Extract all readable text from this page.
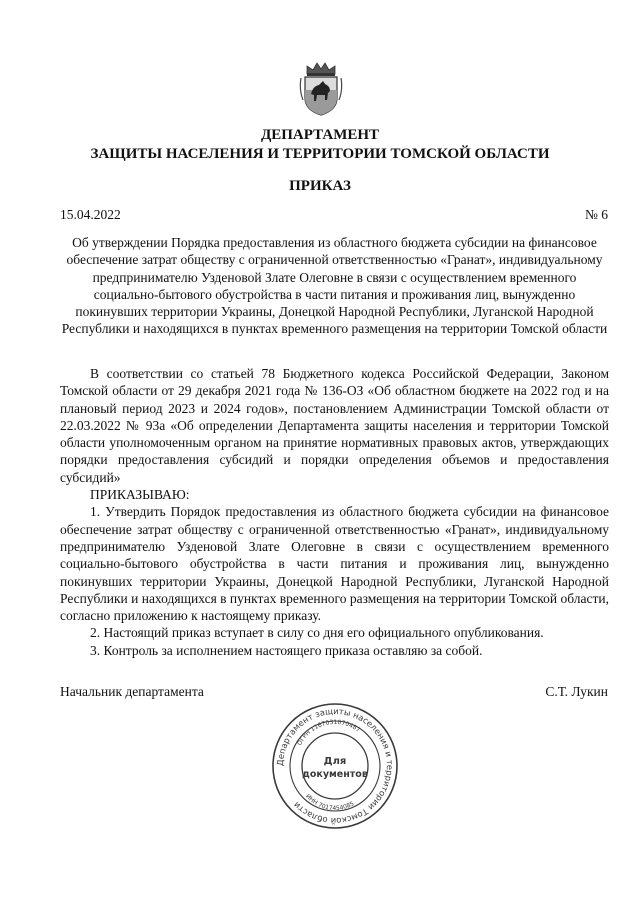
ДЕПАРТАМЕНТ
ЗАЩИТЫ НАСЕЛЕНИЯ И ТЕРРИТОРИИ ТОМСКОЙ ОБЛАСТИ
ПРИКАЗ
15.04.2022	№ 6
Об утверждении Порядка предоставления из областного бюджета субсидии на финансовое обеспечение затрат обществу с ограниченной ответственностью «Гранат», индивидуальному предпринимателю Узденовой Злате Олеговне в связи с осуществлением временного социально-бытового обустройства в части питания и проживания лиц, вынужденно покинувших территории Украины, Донецкой Народной Республики, Луганской Народной Республики и находящихся в пунктах временного размещения на территории Томской области

В соответствии со статьей 78 Бюджетного кодекса Российской Федерации, Законом Томской области от 29 декабря 2021 года № 136-ОЗ «Об областном бюджете на 2022 год и на плановый период 2023 и 2024 годов», постановлением Администрации Томской области от 22.03.2022 № 93а «Об определении Департамента защиты населения и территории Томской области уполномоченным органом на принятие нормативных правовых актов, утверждающих порядки предоставления субсидий и порядки определения объемов и предоставления субсидий»

ПРИКАЗЫВАЮ:

1. Утвердить Порядок предоставления из областного бюджета субсидии на финансовое обеспечение затрат обществу с ограниченной ответственностью «Гранат», индивидуальному предпринимателю Узденовой Злате Олеговне в связи с осуществлением временного социально-бытового обустройства в части питания и проживания лиц, вынужденно покинувших территории Украины, Донецкой Народной Республики, Луганской Народной Республики и находящихся в пунктах временного размещения на территории Томской области, согласно приложению к настоящему приказу.

2. Настоящий приказ вступает в силу со дня его официального опубликования.

3. Контроль за исполнением настоящего приказа оставляю за собой.

Начальник департамента	С.Т. Лукин
Департамент защиты населения и территории Томской области
ОГРН 1167031070487
ИНН 7017454085
Для
документов
